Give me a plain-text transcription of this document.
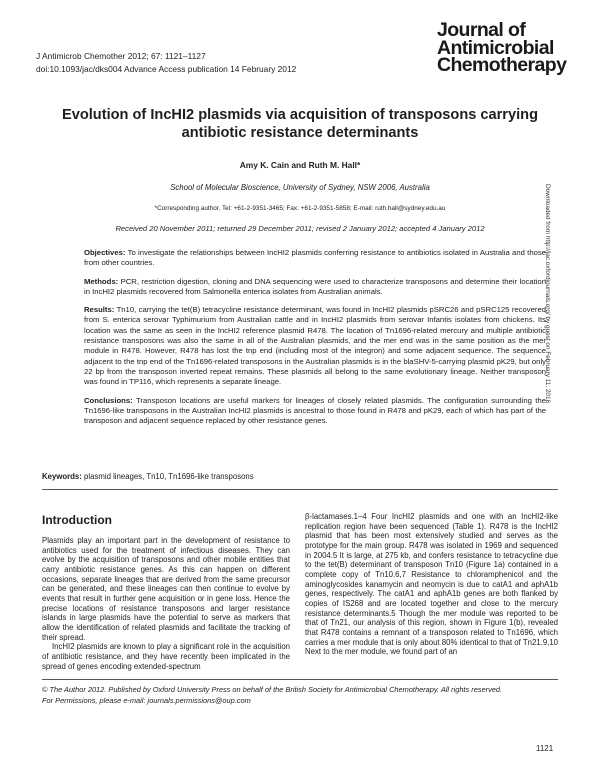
J Antimicrob Chemother 2012; 67: 1121–1127
doi:10.1093/jac/dks004 Advance Access publication 14 February 2012
Journal of
Antimicrobial
Chemotherapy
Evolution of IncHI2 plasmids via acquisition of transposons carrying
antibiotic resistance determinants
Amy K. Cain and Ruth M. Hall*
School of Molecular Bioscience, University of Sydney, NSW 2006, Australia
*Corresponding author. Tel: +61-2-9351-3465; Fax: +61-2-9351-5858; E-mail: ruth.hall@sydney.edu.au
Received 20 November 2011; returned 29 December 2011; revised 2 January 2012; accepted 4 January 2012

Objectives: To investigate the relationships between IncHI2 plasmids conferring resistance to antibiotics isolated in Australia and those from other countries.

Methods: PCR, restriction digestion, cloning and DNA sequencing were used to characterize transposons and determine their location in IncHI2 plasmids recovered from Salmonella enterica isolates from Australian animals.

Results: Tn10, carrying the tet(B) tetracycline resistance determinant, was found in IncHI2 plasmids pSRC26 and pSRC125 recovered from S. enterica serovar Typhimurium from Australian cattle and in IncHI2 plasmids from serovar Infantis isolates from chickens. Its location was the same as seen in the IncHI2 reference plasmid R478. The location of Tn1696-related mercury and multiple antibiotic resistance transposons was also the same in all of the Australian plasmids, and the mer end was in the same position as the mer module in R478. However, R478 has lost the tnp end (including most of the integron) and some adjacent sequence. The sequence adjacent to the tnp end of the Tn1696-related transposons in the Australian plasmids is in the blaSHV-5-carrying plasmid pK29, but only 22 bp from the transposon inverted repeat remains. These plasmids all belong to the same evolutionary lineage. Neither transposon was found in TP116, which represents a separate lineage.

Conclusions: Transposon locations are useful markers for lineages of closely related plasmids. The configuration surrounding the Tn1696-like transposons in the Australian IncHI2 plasmids is ancestral to those found in R478 and pK29, each of which has part of the transposon and adjacent sequence replaced by other resistance genes.

Keywords: plasmid lineages, Tn10, Tn1696-like transposons
Downloaded from http://jac.oxfordjournals.org/ by guest on February 11, 2016
Introduction

Plasmids play an important part in the development of resistance to antibiotics used for the treatment of infectious diseases. They can evolve by the acquisition of transposons and other mobile entities that carry antibiotic resistance genes. As this can happen on different occasions, separate lineages that are derived from the same precursor can be generated, and these lineages can then continue to evolve by events that result in further gene acquisition or in gene loss. Hence the precise locations of resistance transposons and larger resistance islands in large plasmids have the potential to serve as markers that allow the identification of related plasmids and facilitate the tracking of their spread.

IncHI2 plasmids are known to play a significant role in the acquisition of antibiotic resistance, and they have recently been implicated in the spread of genes encoding extended-spectrum

β-lactamases.1–4 Four IncHI2 plasmids and one with an IncHI2-like replication region have been sequenced (Table 1). R478 is the IncHI2 plasmid that has been most extensively studied and serves as the prototype for the main group. R478 was isolated in 1969 and sequenced in 2004.5 It is large, at 275 kb, and confers resistance to tetracycline due to the tet(B) determinant of transposon Tn10 (Figure 1a) contained in a complete copy of Tn10.6,7 Resistance to chloramphenicol and the aminoglycosides kanamycin and neomycin is due to catA1 and aphA1b genes, respectively. The catA1 and aphA1b genes are both flanked by copies of IS268 and are located together and close to the mercury resistance determinants.5 Though the mer module was reported to be that of Tn21, our analysis of this region, shown in Figure 1(b), revealed that R478 contains a remnant of a transposon related to Tn1696, which carries a mer module that is only about 80% identical to that of Tn21.9,10 Next to the mer module, we found part of an

© The Author 2012. Published by Oxford University Press on behalf of the British Society for Antimicrobial Chemotherapy. All rights reserved.
For Permissions, please e-mail: journals.permissions@oup.com
1121
